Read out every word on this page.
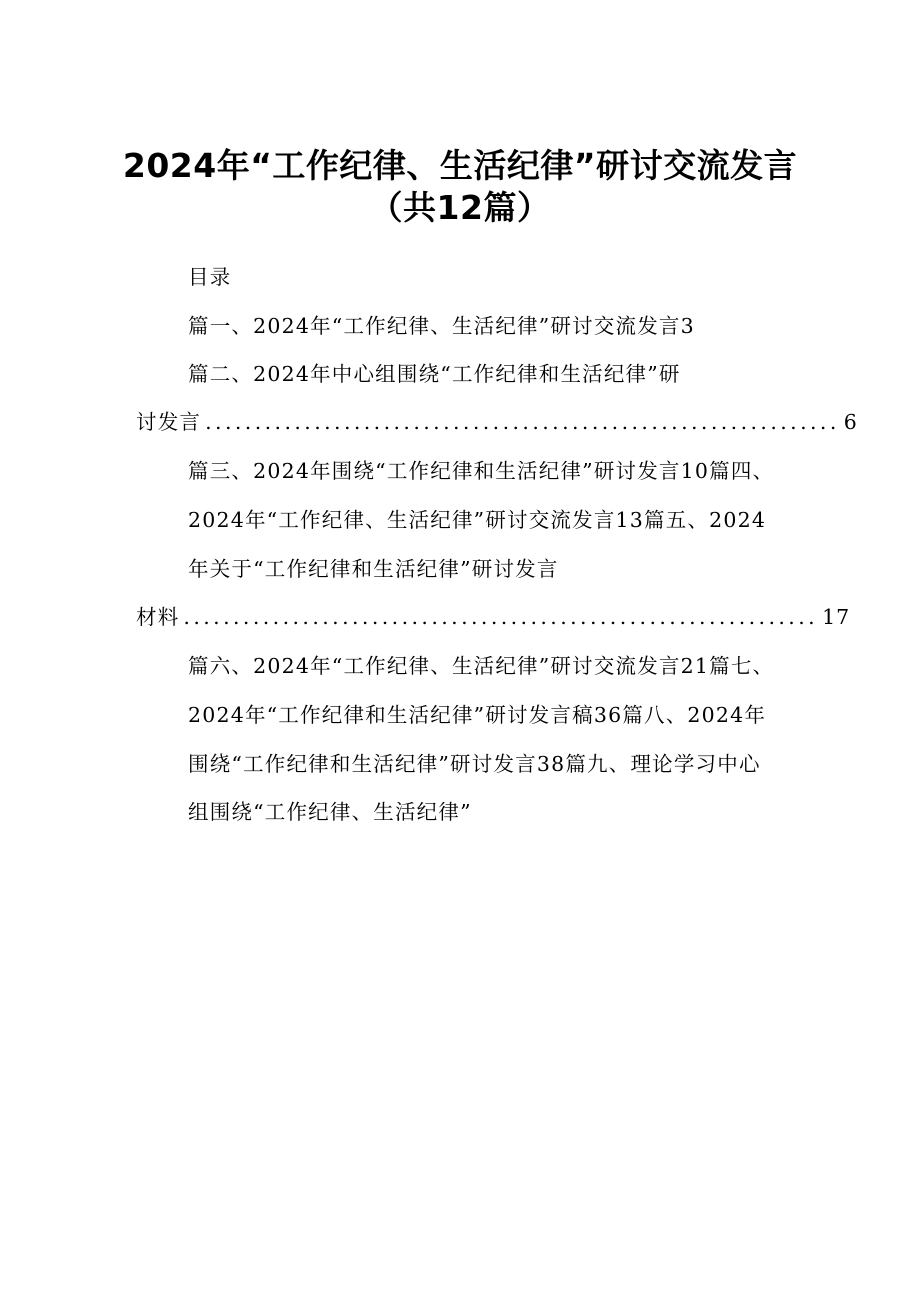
2024年“工作纪律、生活纪律”研讨交流发言
（共12篇）
目录
篇一、2024年“工作纪律、生活纪律”研讨交流发言3
篇二、2024年中心组围绕“工作纪律和生活纪律”研
讨发言 ................................................................ 6
篇三、2024年围绕“工作纪律和生活纪律”研讨发言10篇四、
2024年“工作纪律、生活纪律”研讨交流发言13篇五、2024
年关于“工作纪律和生活纪律”研讨发言
材料 ................................................................ 17
篇六、2024年“工作纪律、生活纪律”研讨交流发言21篇七、
2024年“工作纪律和生活纪律”研讨发言稿36篇八、2024年
围绕“工作纪律和生活纪律”研讨发言38篇九、理论学习中心
组围绕“工作纪律、生活纪律”
